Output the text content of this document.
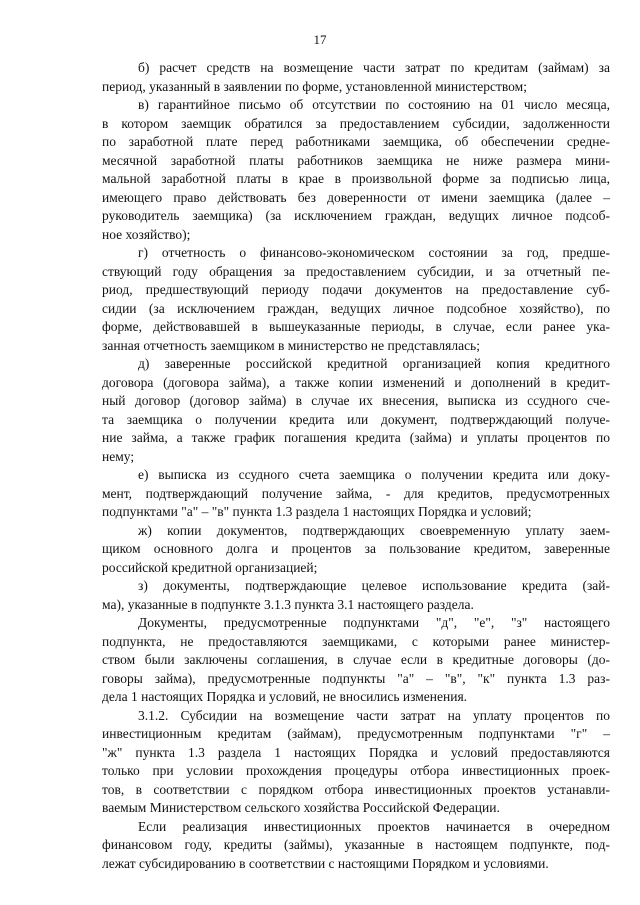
17
б) расчет средств на возмещение части затрат по кредитам (займам) за
период, указанный в заявлении по форме, установленной министерством;
в) гарантийное письмо об отсутствии по состоянию на 01 число месяца,
в котором заемщик обратился за предоставлением субсидии, задолженности
по заработной плате перед работниками заемщика, об обеспечении средне-
месячной заработной платы работников заемщика не ниже размера мини-
мальной заработной платы в крае в произвольной форме за подписью лица,
имеющего право действовать без доверенности от имени заемщика (далее –
руководитель заемщика) (за исключением граждан, ведущих личное подсоб-
ное хозяйство);
г) отчетность о финансово-экономическом состоянии за год, предше-
ствующий году обращения за предоставлением субсидии, и за отчетный пе-
риод, предшествующий периоду подачи документов на предоставление суб-
сидии (за исключением граждан, ведущих личное подсобное хозяйство), по
форме, действовавшей в вышеуказанные периоды, в случае, если ранее ука-
занная отчетность заемщиком в министерство не представлялась;
д) заверенные российской кредитной организацией копия кредитного
договора (договора займа), а также копии изменений и дополнений в кредит-
ный договор (договор займа) в случае их внесения, выписка из ссудного сче-
та заемщика о получении кредита или документ, подтверждающий получе-
ние займа, а также график погашения кредита (займа) и уплаты процентов по
нему;
е) выписка из ссудного счета заемщика о получении кредита или доку-
мент, подтверждающий получение займа, - для кредитов, предусмотренных
подпунктами "а" – "в" пункта 1.3 раздела 1 настоящих Порядка и условий;
ж) копии документов, подтверждающих своевременную уплату заем-
щиком основного долга и процентов за пользование кредитом, заверенные
российской кредитной организацией;
з) документы, подтверждающие целевое использование кредита (зай-
ма), указанные в подпункте 3.1.3 пункта 3.1 настоящего раздела.
Документы, предусмотренные подпунктами "д", "е", "з" настоящего
подпункта, не предоставляются заемщиками, с которыми ранее министер-
ством были заключены соглашения, в случае если в кредитные договоры (до-
говоры займа), предусмотренные подпункты "а" – "в", "к" пункта 1.3 раз-
дела 1 настоящих Порядка и условий, не вносились изменения.
3.1.2. Субсидии на возмещение части затрат на уплату процентов по
инвестиционным кредитам (займам), предусмотренным подпунктами "г" –
"ж" пункта 1.3 раздела 1 настоящих Порядка и условий предоставляются
только при условии прохождения процедуры отбора инвестиционных проек-
тов, в соответствии с порядком отбора инвестиционных проектов устанавли-
ваемым Министерством сельского хозяйства Российской Федерации.
Если реализация инвестиционных проектов начинается в очередном
финансовом году, кредиты (займы), указанные в настоящем подпункте, под-
лежат субсидированию в соответствии с настоящими Порядком и условиями.
